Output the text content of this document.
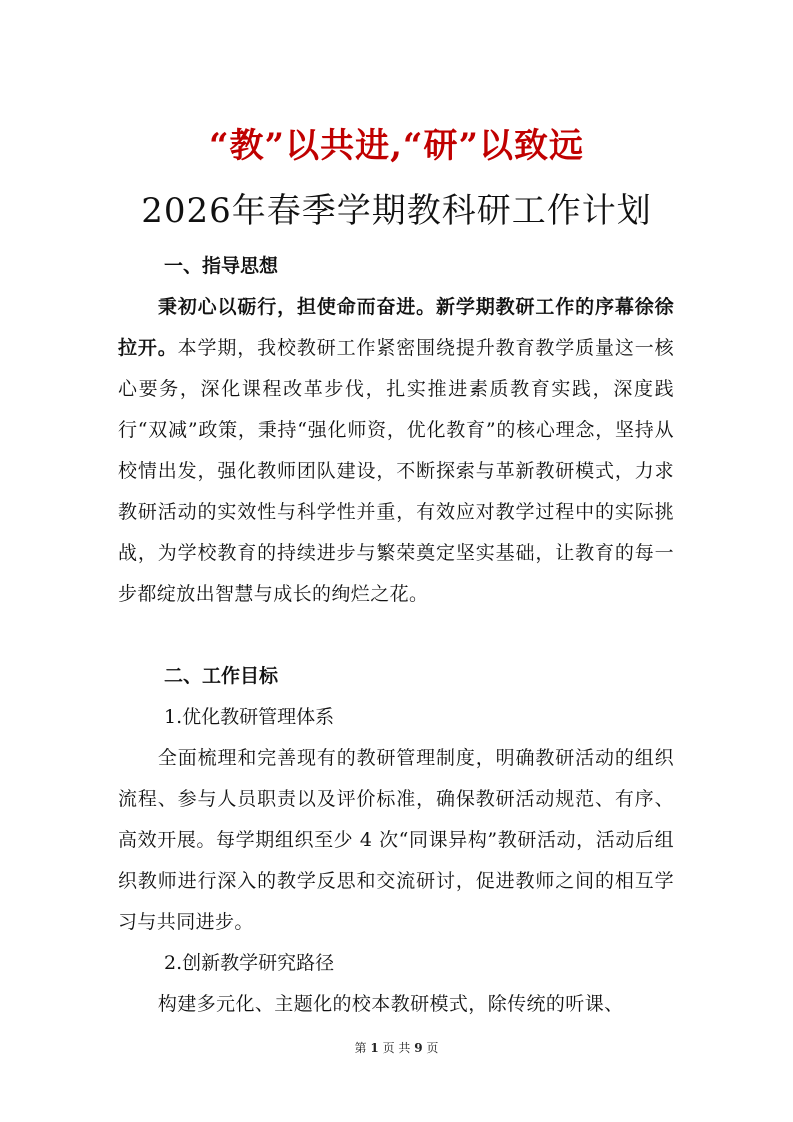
“教”以共进,“研”以致远
2026年春季学期教科研工作计划
一、指导思想
秉初心以砺行，担使命而奋进。新学期教研工作的序幕徐徐拉开。本学期，我校教研工作紧密围绕提升教育教学质量这一核心要务，深化课程改革步伐，扎实推进素质教育实践，深度践行“双减”政策，秉持“强化师资，优化教育”的核心理念，坚持从校情出发，强化教师团队建设，不断探索与革新教研模式，力求教研活动的实效性与科学性并重，有效应对教学过程中的实际挑战，为学校教育的持续进步与繁荣奠定坚实基础，让教育的每一步都绽放出智慧与成长的绚烂之花。
二、工作目标
1.优化教研管理体系
全面梳理和完善现有的教研管理制度，明确教研活动的组织流程、参与人员职责以及评价标准，确保教研活动规范、有序、高效开展。每学期组织至少 4 次“同课异构”教研活动，活动后组织教师进行深入的教学反思和交流研讨，促进教师之间的相互学习与共同进步。
2.创新教学研究路径
构建多元化、主题化的校本教研模式，除传统的听课、
第 1 页 共 9 页
